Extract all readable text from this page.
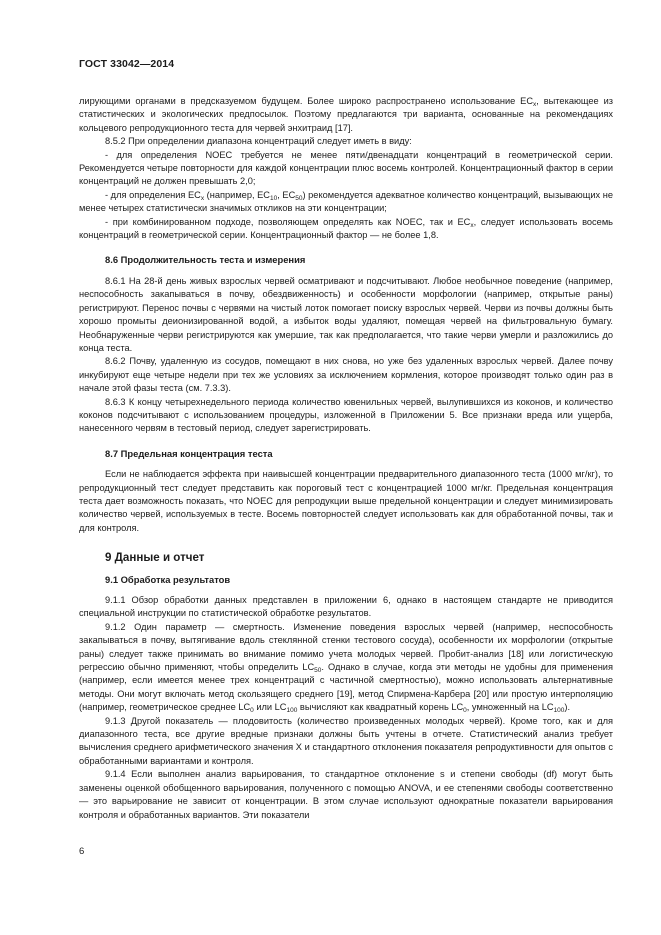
ГОСТ 33042—2014

лирующими органами в предсказуемом будущем. Более широко распространено использование $ЕС_x$, вытекающее из статистических и экологических предпосылок. Поэтому предлагаются три варианта, основанные на рекомендациях кольцевого репродукционного теста для червей энхитраид [17].

8.5.2 При определении диапазона концентраций следует иметь в виду:

- для определения NOEC требуется не менее пяти/двенадцати концентраций в геометрической серии. Рекомендуется четыре повторности для каждой концентрации плюс восемь контролей. Концентрационный фактор в серии концентраций не должен превышать 2,0;

- для определения $ЕС_x$ (например, $ЕС_{10}$, $ЕС_{50}$) рекомендуется адекватное количество концентраций, вызывающих не менее четырех статистически значимых откликов на эти концентрации;

- при комбинированном подходе, позволяющем определять как NOEC, так и $ЕС_x$, следует использовать восемь концентраций в геометрической серии. Концентрационный фактор — не более 1,8.

8.6 Продолжительность теста и измерения

8.6.1 На 28-й день живых взрослых червей осматривают и подсчитывают. Любое необычное поведение (например, неспособность закапываться в почву, обездвиженность) и особенности морфологии (например, открытые раны) регистрируют. Перенос почвы с червями на чистый лоток помогает поиску взрослых червей. Черви из почвы должны быть хорошо промыты деионизированной водой, а избыток воды удаляют, помещая червей на фильтровальную бумагу. Необнаруженные черви регистрируются как умершие, так как предполагается, что такие черви умерли и разложились до конца теста.

8.6.2 Почву, удаленную из сосудов, помещают в них снова, но уже без удаленных взрослых червей. Далее почву инкубируют еще четыре недели при тех же условиях за исключением кормления, которое производят только один раз в начале этой фазы теста (см. 7.3.3).

8.6.3 К концу четырехнедельного периода количество ювенильных червей, вылупившихся из коконов, и количество коконов подсчитывают с использованием процедуры, изложенной в Приложении 5. Все признаки вреда или ущерба, нанесенного червям в тестовый период, следует зарегистрировать.

8.7 Предельная концентрация теста

Если не наблюдается эффекта при наивысшей концентрации предварительного диапазонного теста (1000 мг/кг), то репродукционный тест следует представить как пороговый тест с концентрацией 1000 мг/кг. Предельная концентрация теста дает возможность показать, что NOEC для репродукции выше предельной концентрации и следует минимизировать количество червей, используемых в тесте. Восемь повторностей следует использовать как для обработанной почвы, так и для контроля.

9 Данные и отчет
9.1 Обработка результатов

9.1.1 Обзор обработки данных представлен в приложении 6, однако в настоящем стандарте не приводится специальной инструкции по статистической обработке результатов.

9.1.2 Один параметр — смертность. Изменение поведения взрослых червей (например, неспособность закапываться в почву, вытягивание вдоль стеклянной стенки тестового сосуда), особенности их морфологии (открытые раны) следует также принимать во внимание помимо учета молодых червей. Пробит-анализ [18] или логистическую регрессию обычно применяют, чтобы определить $LC_{50}$. Однако в случае, когда эти методы не удобны для применения (например, если имеется менее трех концентраций с частичной смертностью), можно использовать альтернативные методы. Они могут включать метод скользящего среднего [19], метод Спирмена-Карбера [20] или простую интерполяцию (например, геометрическое среднее $LC_0$ или $LC_{100}$ вычисляют как квадратный корень $LC_0$, умноженный на $LC_{100}$).

9.1.3 Другой показатель — плодовитость (количество произведенных молодых червей). Кроме того, как и для диапазонного теста, все другие вредные признаки должны быть учтены в отчете. Статистический анализ требует вычисления среднего арифметического значения Х и стандартного отклонения показателя репродуктивности для опытов с обработанными вариантами и контроля.

9.1.4 Если выполнен анализ варьирования, то стандартное отклонение s и степени свободы (df) могут быть заменены оценкой обобщенного варьирования, полученного с помощью ANOVA, и ее степенями свободы соответственно — это варьирование не зависит от концентрации. В этом случае используют однократные показатели варьирования контроля и обработанных вариантов. Эти показатели

6
